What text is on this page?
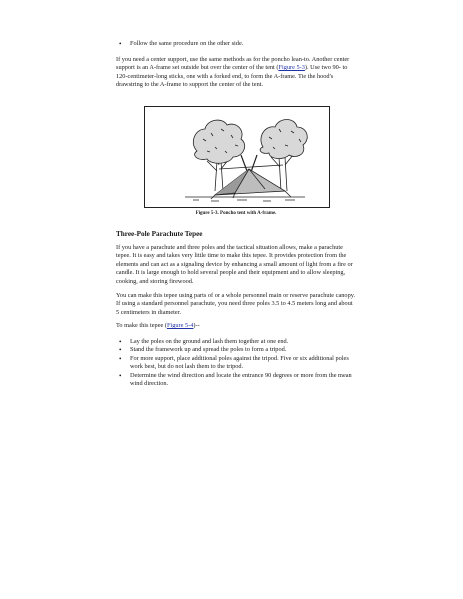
• Follow the same procedure on the other side.

If you need a center support, use the same methods as for the poncho lean-to. Another center support is an A-frame set outside but over the center of the tent (Figure 5-3). Use two 90- to 120-centimeter-long sticks, one with a forked end, to form the A-frame. Tie the hood's drawstring to the A-frame to support the center of the tent.

Figure 5-3. Poncho tent with A-frame.
Three-Pole Parachute Tepee

If you have a parachute and three poles and the tactical situation allows, make a parachute tepee. It is easy and takes very little time to make this tepee. It provides protection from the elements and can act as a signaling device by enhancing a small amount of light from a fire or candle. It is large enough to hold several people and their equipment and to allow sleeping, cooking, and storing firewood.

You can make this tepee using parts of or a whole personnel main or reserve parachute canopy. If using a standard personnel parachute, you need three poles 3.5 to 4.5 meters long and about 5 centimeters in diameter.

To make this tepee (Figure 5-4)--

• Lay the poles on the ground and lash them together at one end.
• Stand the framework up and spread the poles to form a tripod.
• For more support, place additional poles against the tripod. Five or six additional poles work best, but do not lash them to the tripod.
• Determine the wind direction and locate the entrance 90 degrees or more from the mean wind direction.
